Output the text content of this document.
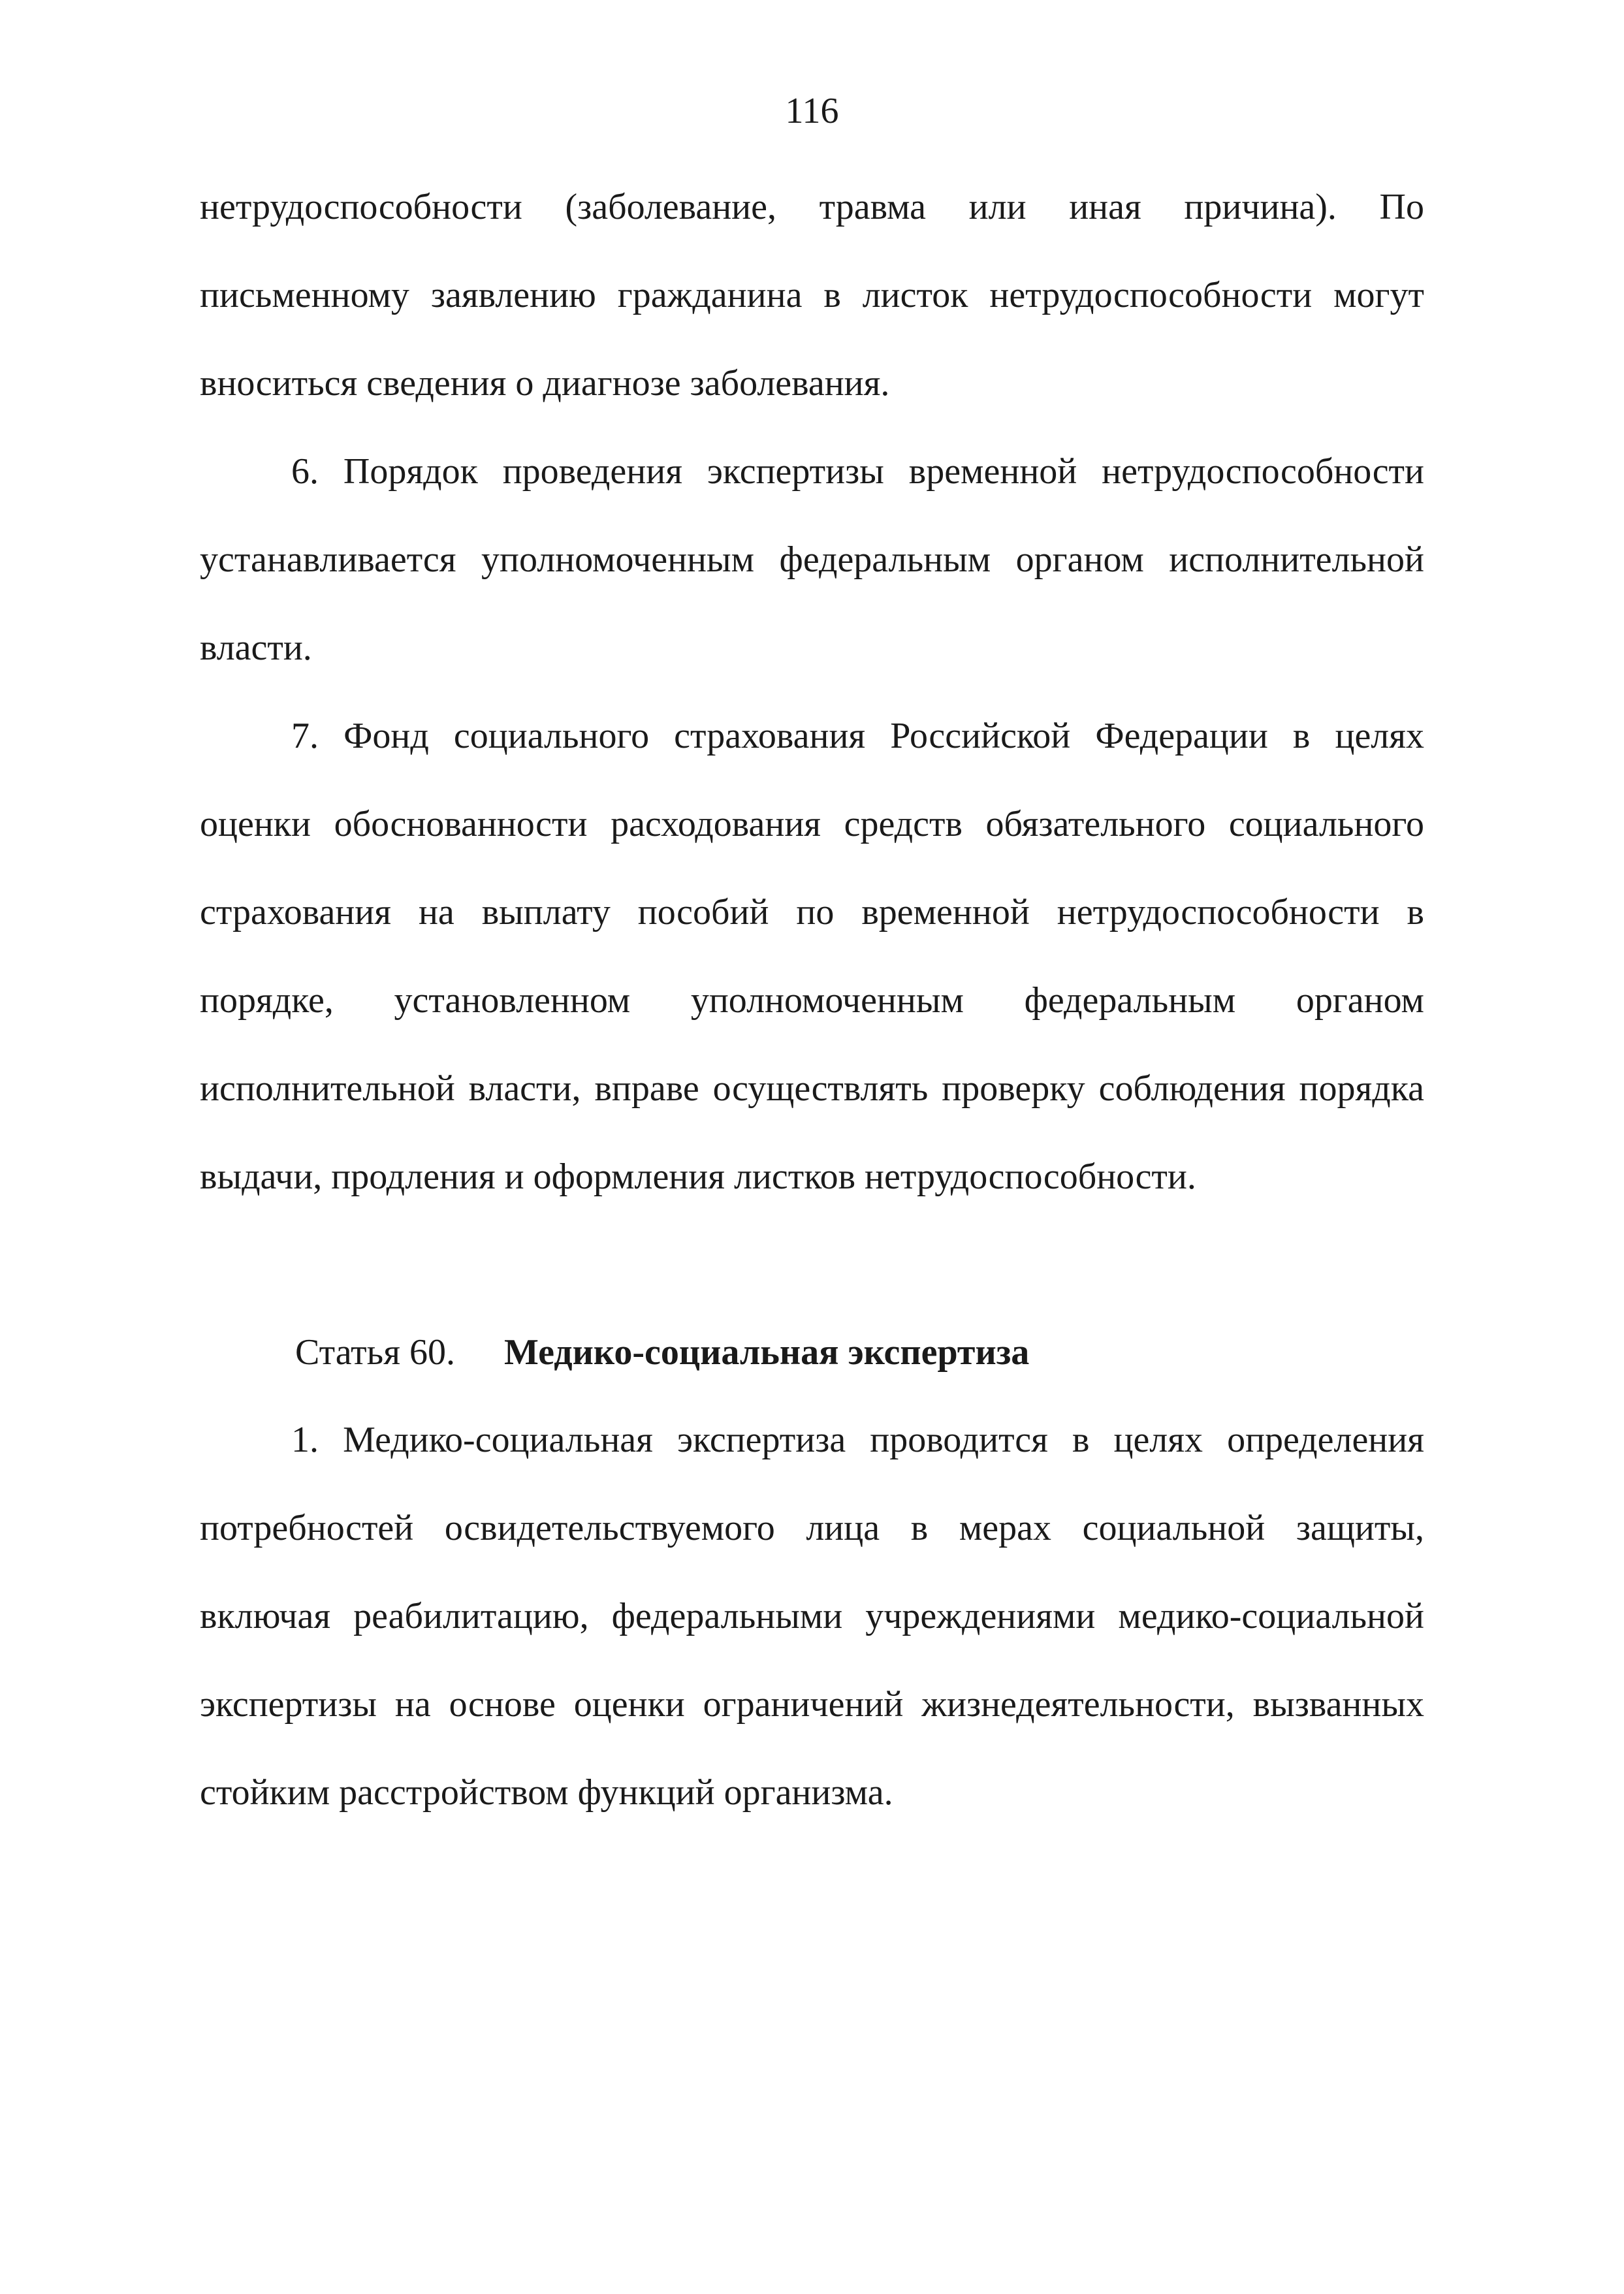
116

нетрудоспособности (заболевание, травма или иная причина). По письменному заявлению гражданина в листок нетрудоспособности могут вноситься сведения о диагнозе заболевания.

6. Порядок проведения экспертизы временной нетрудоспособности устанавливается уполномоченным федеральным органом исполнительной власти.

7. Фонд социального страхования Российской Федерации в целях оценки обоснованности расходования средств обязательного социального страхования на выплату пособий по временной нетрудоспособности в порядке, установленном уполномоченным федеральным органом исполнительной власти, вправе осуществлять проверку соблюдения порядка выдачи, продления и оформления листков нетрудоспособности.

Статья 60. Медико-социальная экспертиза

1. Медико-социальная экспертиза проводится в целях определения потребностей освидетельствуемого лица в мерах социальной защиты, включая реабилитацию, федеральными учреждениями медико-социальной экспертизы на основе оценки ограничений жизнедеятельности, вызванных стойким расстройством функций организма.
